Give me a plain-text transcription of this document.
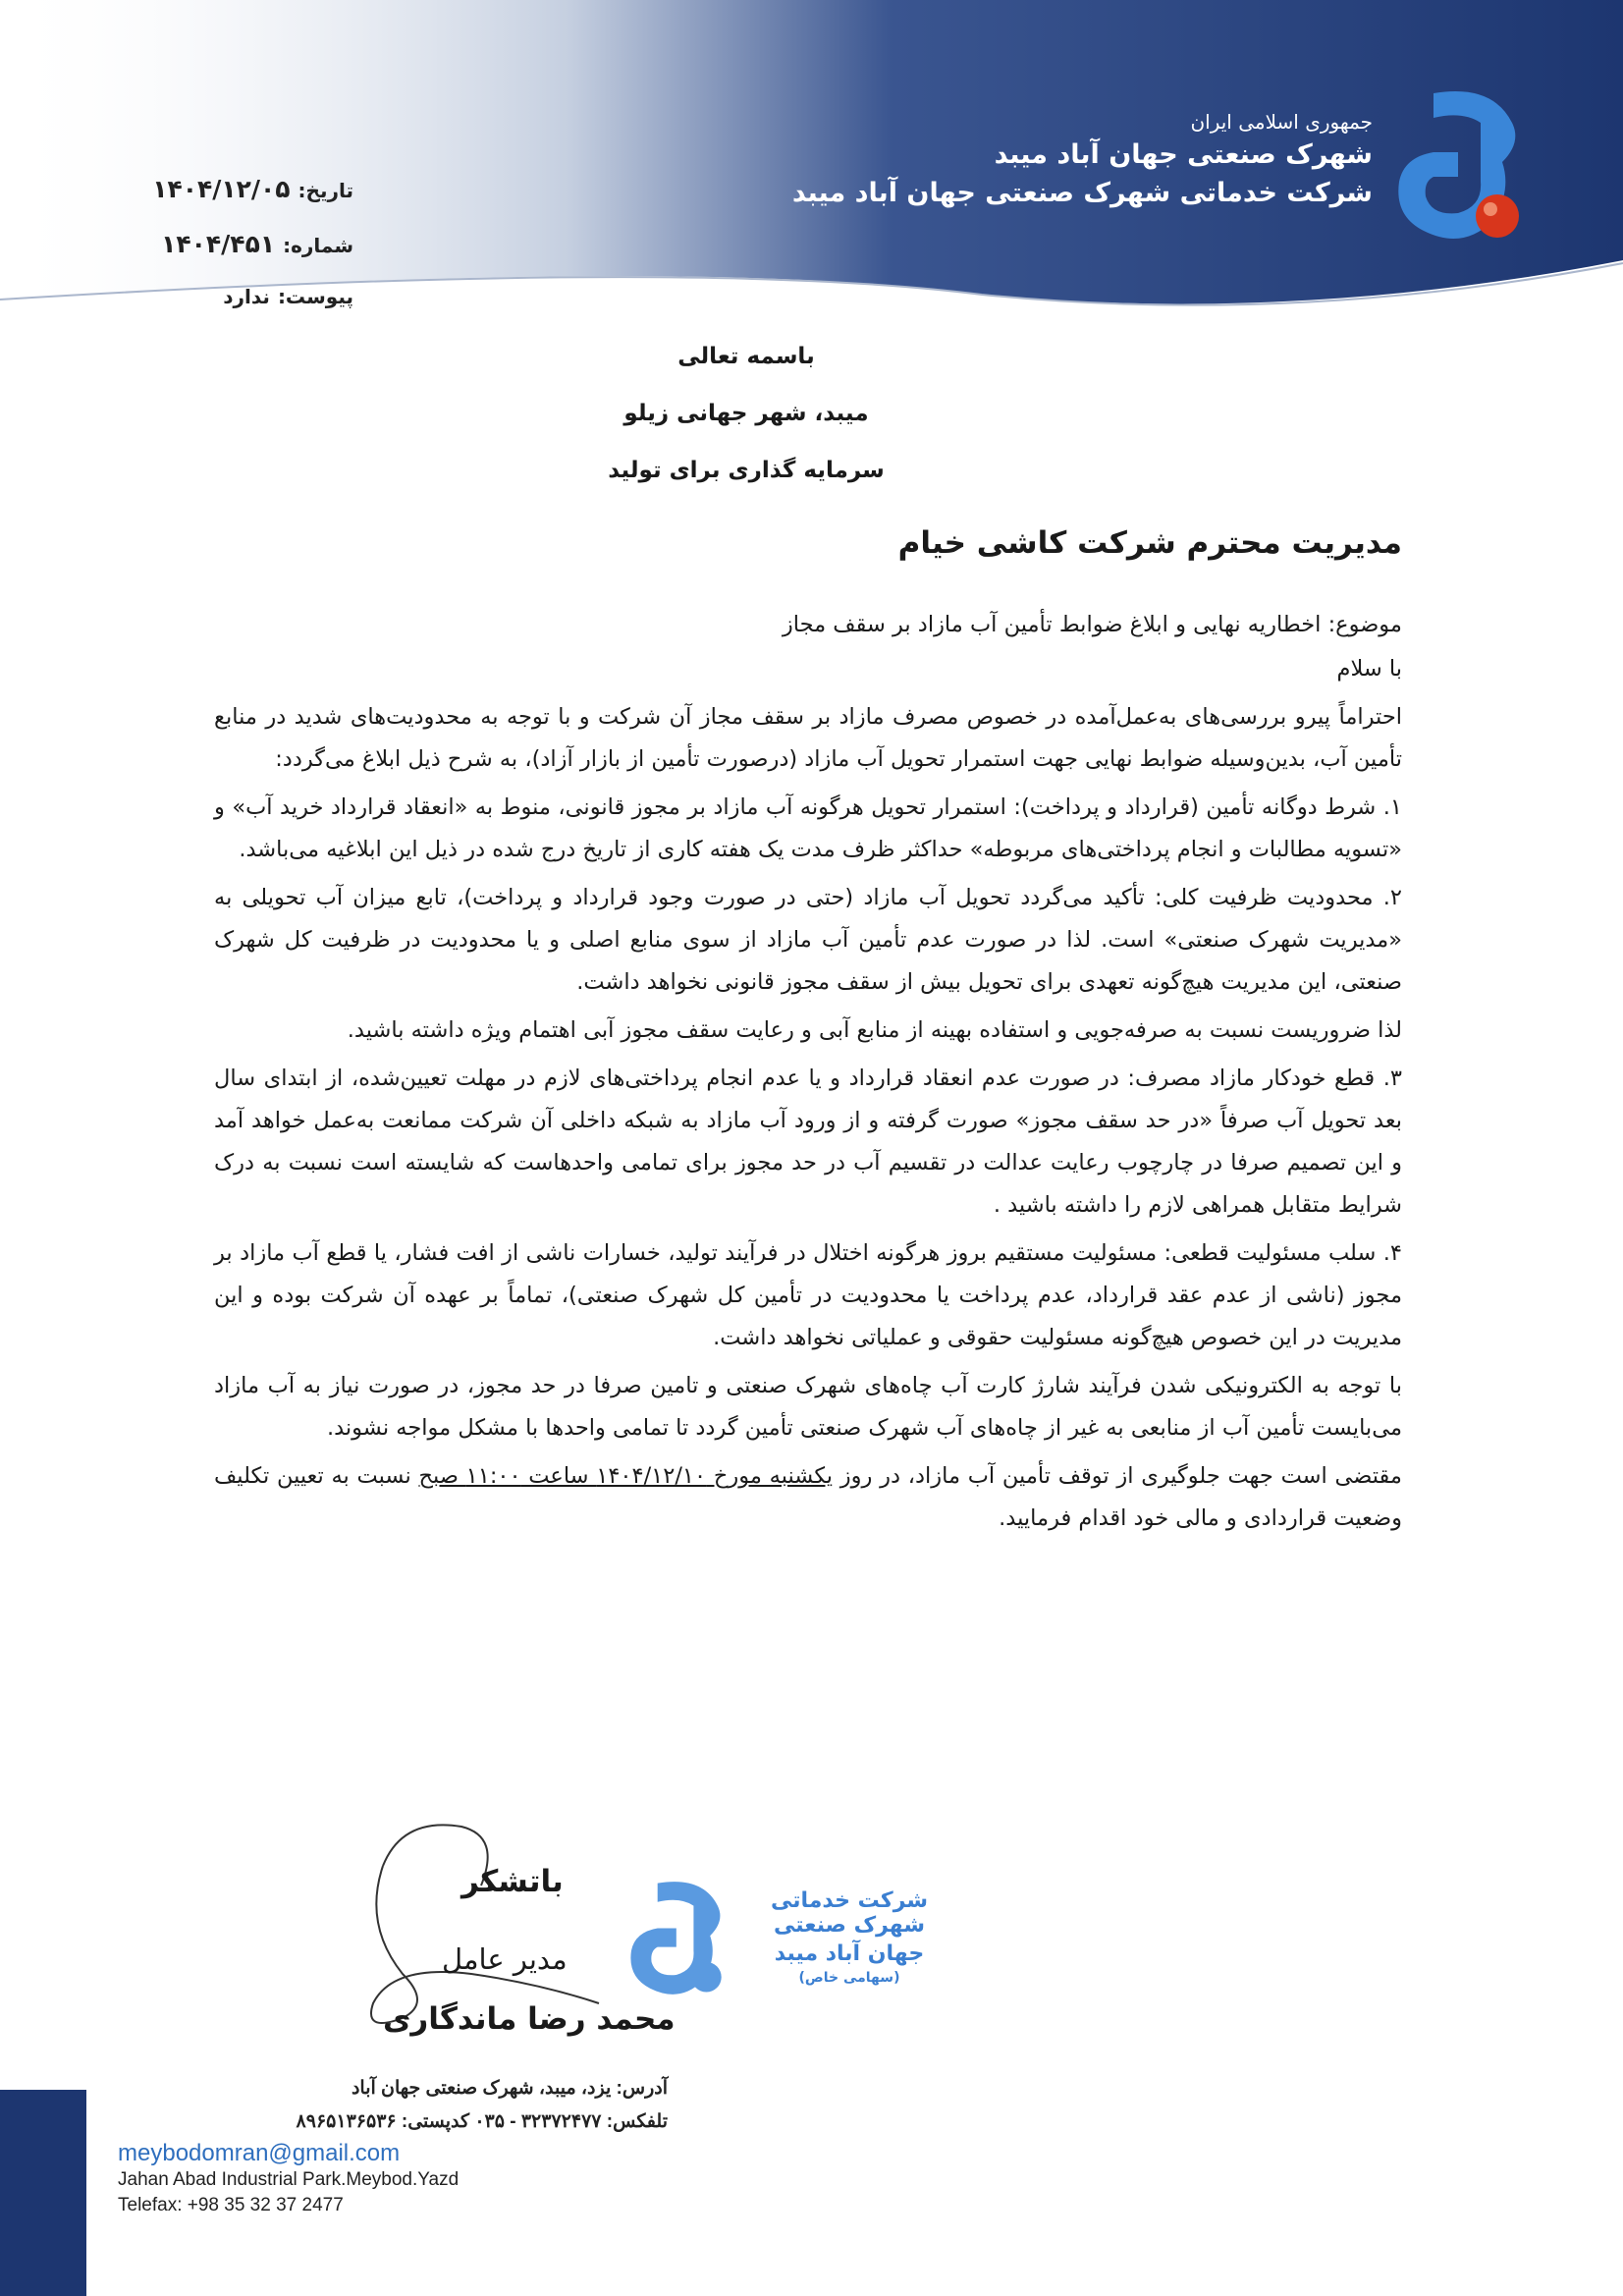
جمهوری اسلامی ایران
شهرک صنعتی جهان آباد میبد
شرکت خدماتی شهرک صنعتی جهان آباد میبد
تاریخ:
۱۴۰۴/۱۲/۰۵
شماره:
۱۴۰۴/۴۵۱
پیوست:
ندارد
باسمه تعالی
میبد، شهر جهانی زیلو
سرمایه گذاری برای تولید
مدیریت محترم شرکت کاشی خیام

موضوع: اخطاریه نهایی و ابلاغ ضوابط تأمین آب مازاد بر سقف مجاز

با سلام

احتراماً پیرو بررسی‌های به‌عمل‌آمده در خصوص مصرف مازاد بر سقف مجاز آن شرکت و با توجه به محدودیت‌های شدید در منابع تأمین آب، بدین‌وسیله ضوابط نهایی جهت استمرار تحویل آب مازاد (درصورت تأمین از بازار آزاد)، به شرح ذیل ابلاغ می‌گردد:

۱. شرط دوگانه تأمین (قرارداد و پرداخت): استمرار تحویل هرگونه آب مازاد بر مجوز قانونی، منوط به «انعقاد قرارداد خرید آب» و «تسویه مطالبات و انجام پرداختی‌های مربوطه» حداکثر ظرف مدت یک هفته کاری از تاریخ درج شده در ذیل این ابلاغیه می‌باشد.

۲. محدودیت ظرفیت کلی: تأکید می‌گردد تحویل آب مازاد (حتی در صورت وجود قرارداد و پرداخت)، تابع میزان آب تحویلی به «مدیریت شهرک صنعتی» است. لذا در صورت عدم تأمین آب مازاد از سوی منابع اصلی و یا محدودیت در ظرفیت کل شهرک صنعتی، این مدیریت هیچ‌گونه تعهدی برای تحویل بیش از سقف مجوز قانونی نخواهد داشت.

لذا ضروریست نسبت به صرفه‌جویی و استفاده بهینه از منابع آبی و رعایت سقف مجوز آبی اهتمام ویژه داشته باشید.

۳. قطع خودکار مازاد مصرف: در صورت عدم انعقاد قرارداد و یا عدم انجام پرداختی‌های لازم در مهلت تعیین‌شده، از ابتدای سال بعد تحویل آب صرفاً «در حد سقف مجوز» صورت گرفته و از ورود آب مازاد به شبکه داخلی آن شرکت ممانعت به‌عمل خواهد آمد و این تصمیم صرفا در چارچوب رعایت عدالت در تقسیم آب در حد مجوز برای تمامی واحدهاست که شایسته است نسبت به درک شرایط متقابل همراهی لازم را داشته باشید .

۴. سلب مسئولیت قطعی: مسئولیت مستقیم بروز هرگونه اختلال در فرآیند تولید، خسارات ناشی از افت فشار، یا قطع آب مازاد بر مجوز (ناشی از عدم عقد قرارداد، عدم پرداخت یا محدودیت در تأمین کل شهرک صنعتی)، تماماً بر عهده آن شرکت بوده و این مدیریت در این خصوص هیچ‌گونه مسئولیت حقوقی و عملیاتی نخواهد داشت.

با توجه به الکترونیکی شدن فرآیند شارژ کارت آب چاه‌های شهرک صنعتی و تامین صرفا در حد مجوز، در صورت نیاز به آب مازاد می‌بایست تأمین آب از منابعی به غیر از چاه‌های آب شهرک صنعتی تأمین گردد تا تمامی واحدها با مشکل مواجه نشوند.

مقتضی است جهت جلوگیری از توقف تأمین آب مازاد، در روز یکشنبه مورخ ۱۴۰۴/۱۲/۱۰ ساعت ۱۱:۰۰ صبح نسبت به تعیین تکلیف وضعیت قراردادی و مالی خود اقدام فرمایید.

باتشکر
مدیر عامل
محمد رضا ماندگاری
شرکت خدماتی شهرک صنعتی
جهان آباد میبد
(سهامی خاص)
آدرس: یزد، میبد، شهرک صنعتی جهان آباد
تلفکس: ۳۲۳۷۲۴۷۷ - ۰۳۵ کدپستی: ۸۹۶۵۱۳۶۵۳۶
meybodomran@gmail.com
Jahan Abad Industrial Park.Meybod.Yazd
Telefax: +98 35 32 37 2477
